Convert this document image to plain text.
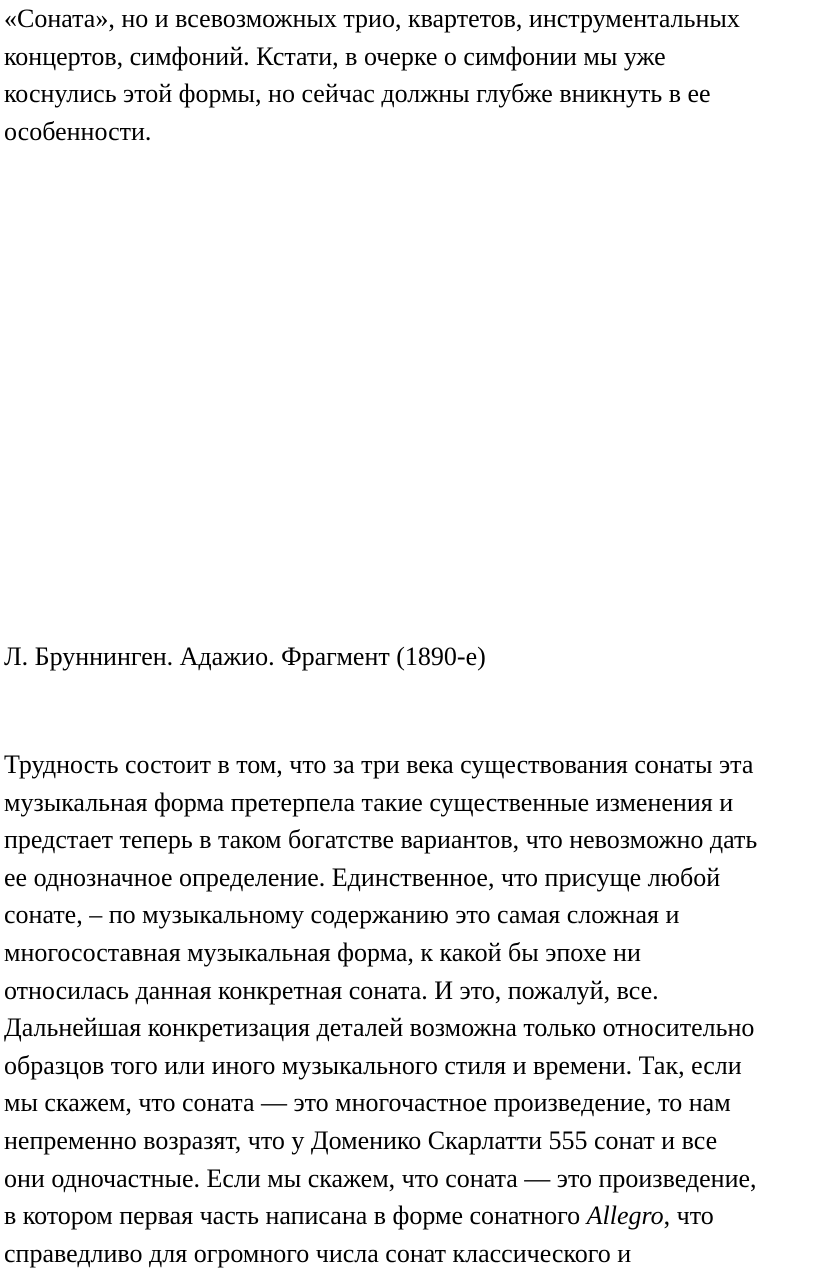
«Соната», но и всевозможных трио, квартетов, инструментальных
концертов, симфоний. Кстати, в очерке о симфонии мы уже
коснулись этой формы, но сейчас должны глубже вникнуть в ее
особенности.

Л. Бруннинген. Адажио. Фрагмент (1890-е)

Трудность состоит в том, что за три века существования сонаты эта
музыкальная форма претерпела такие существенные изменения и
предстает теперь в таком богатстве вариантов, что невозможно дать
ее однозначное определение. Единственное, что присуще любой
сонате, – по музыкальному содержанию это самая сложная и
многосоставная музыкальная форма, к какой бы эпохе ни
относилась данная конкретная соната. И это, пожалуй, все.
Дальнейшая конкретизация деталей возможна только относительно
образцов того или иного музыкального стиля и времени. Так, если
мы скажем, что соната — это многочастное произведение, то нам
непременно возразят, что у Доменико Скарлатти 555 сонат и все
они одночастные. Если мы скажем, что соната — это произведение,
в котором первая часть написана в форме сонатного Allegro, что
справедливо для огромного числа сонат классического и
